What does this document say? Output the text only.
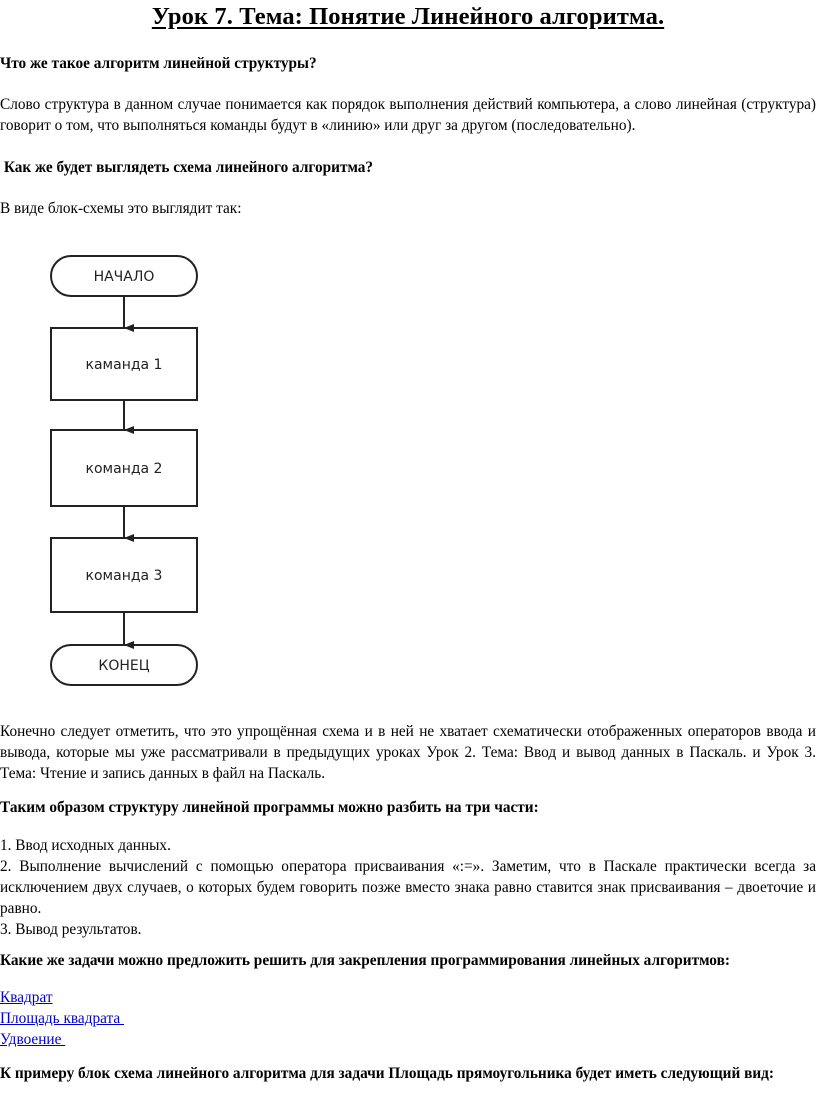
Урок 7. Тема: Понятие Линейного алгоритма.
Что же такое алгоритм линейной структуры?
Слово структура в данном случае понимается как порядок выполнения действий компьютера, а слово линейная (структура) говорит о том, что выполняться команды будут в «линию» или друг за другом (последовательно).
Как же будет выглядеть схема линейного алгоритма?
В виде блок-схемы это выглядит так:
НАЧАЛО
каманда 1
команда 2
команда 3
КОНЕЦ
Конечно следует отметить, что это упрощённая схема и в ней не хватает схематически отображенных операторов ввода и вывода, которые мы уже рассматривали в предыдущих уроках Урок 2. Тема: Ввод и вывод данных в Паскаль. и Урок 3. Тема: Чтение и запись данных в файл на Паскаль.
Таким образом структуру линейной программы можно разбить на три части:

1. Ввод исходных данных.

2. Выполнение вычислений с помощью оператора присваивания «:=». Заметим, что в Паскале практически всегда за исключением двух случаев, о которых будем говорить позже вместо знака равно ставится знак присваивания – двоеточие и равно.

3. Вывод результатов.

Какие же задачи можно предложить решить для закрепления программирования линейных алгоритмов:
Квадрат
Площадь квадрата
Удвоение
К примеру блок схема линейного алгоритма для задачи Площадь прямоугольника будет иметь следующий вид:
